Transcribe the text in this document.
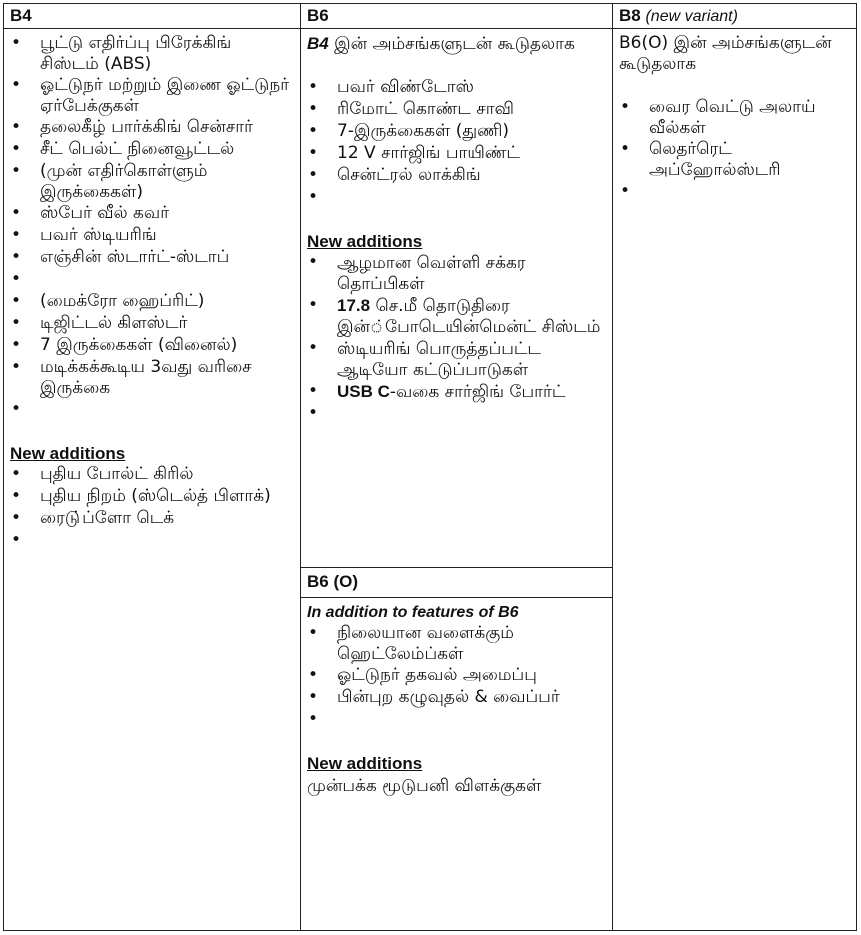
B4
• பூட்டு எதிர்ப்பு பிரேக்கிங் சிஸ்டம் (ABS)
• ஓட்டுநர் மற்றும் இணை ஓட்டுநர் ஏர்பேக்குகள்
• தலைகீழ் பார்க்கிங் சென்சார்
• சீட் பெல்ட் நினைவூட்டல்
• (முன் எதிர்கொள்ளும் இருக்கைகள்)
• ஸ்பேர் வீல் கவர்
• பவர் ஸ்டியரிங்
• எஞ்சின் ஸ்டார்ட்-ஸ்டாப்
•
• (மைக்ரோ ஹைப்ரிட்)
• டிஜிட்டல் கிளஸ்டர்
• 7 இருக்கைகள் (வினைல்)
• மடிக்கக்கூடிய 3வது வரிசை இருக்கை
•
New additions
• புதிய போல்ட் கிரில்
• புதிய நிறம் (ஸ்டெல்த் பிளாக்)
• ரைடு்ப்ளோ டெக்
•
B6
B4 இன் அம்சங்களுடன் கூடுதலாக
• பவர் விண்டோஸ்
• ரிமோட் கொண்ட சாவி
• 7-இருக்கைகள் (துணி)
• 12 V சார்ஜிங் பாயிண்ட்
• சென்ட்ரல் லாக்கிங்
•
New additions
• ஆழமான வெள்ளி சக்கர தொப்பிகள்
• 17.8 செ.மீ தொடுதிரை இன்்போடெயின்மென்ட் சிஸ்டம்
• ஸ்டியரிங் பொருத்தப்பட்ட ஆடியோ கட்டுப்பாடுகள்
• USB C-வகை சார்ஜிங் போர்ட்
•
B6 (O)
In addition to features of B6
• நிலையான வளைக்கும் ஹெட்லேம்ப்கள்
• ஓட்டுநர் தகவல் அமைப்பு
• பின்புற கழுவுதல் & வைப்பர்
•
New additions
முன்பக்க மூடுபனி விளக்குகள்
B8 (new variant)
B6(O) இன் அம்சங்களுடன் கூடுதலாக
• வைர வெட்டு அலாய் வீல்கள்
• லெதர்ரெட் அப்ஹோல்ஸ்டரி
•
